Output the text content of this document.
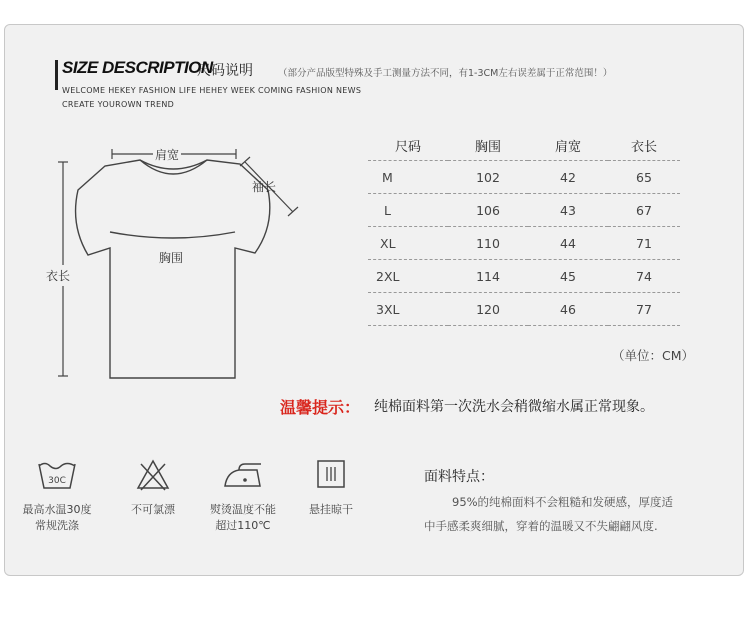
SIZE DESCRIPTION
尺码说明	（部分产品版型特殊及手工测量方法不同，有1-3CM左右误差属于正常范围！）
WELCOME HEKEY FASHION LIFE HEHEY WEEK COMING FASHION NEWS
CREATE YOUROWN TREND
肩宽
袖长
胸围
衣长
尺码	胸围	肩宽	衣长
M	102	42	65
L	106	43	67
XL	110	44	71
2XL	114	45	74
3XL	120	46	77
（单位：CM）
温馨提示： 纯棉面料第一次洗水会稍微缩水属正常现象。
30C
最高水温30度
常规洗涤
不可氯漂	熨烫温度不能
超过110℃
悬挂晾干
面料特点：
95%的纯棉面料不会粗糙和发硬感，厚度适
中手感柔爽细腻，穿着的温暖又不失翩翩风度.
